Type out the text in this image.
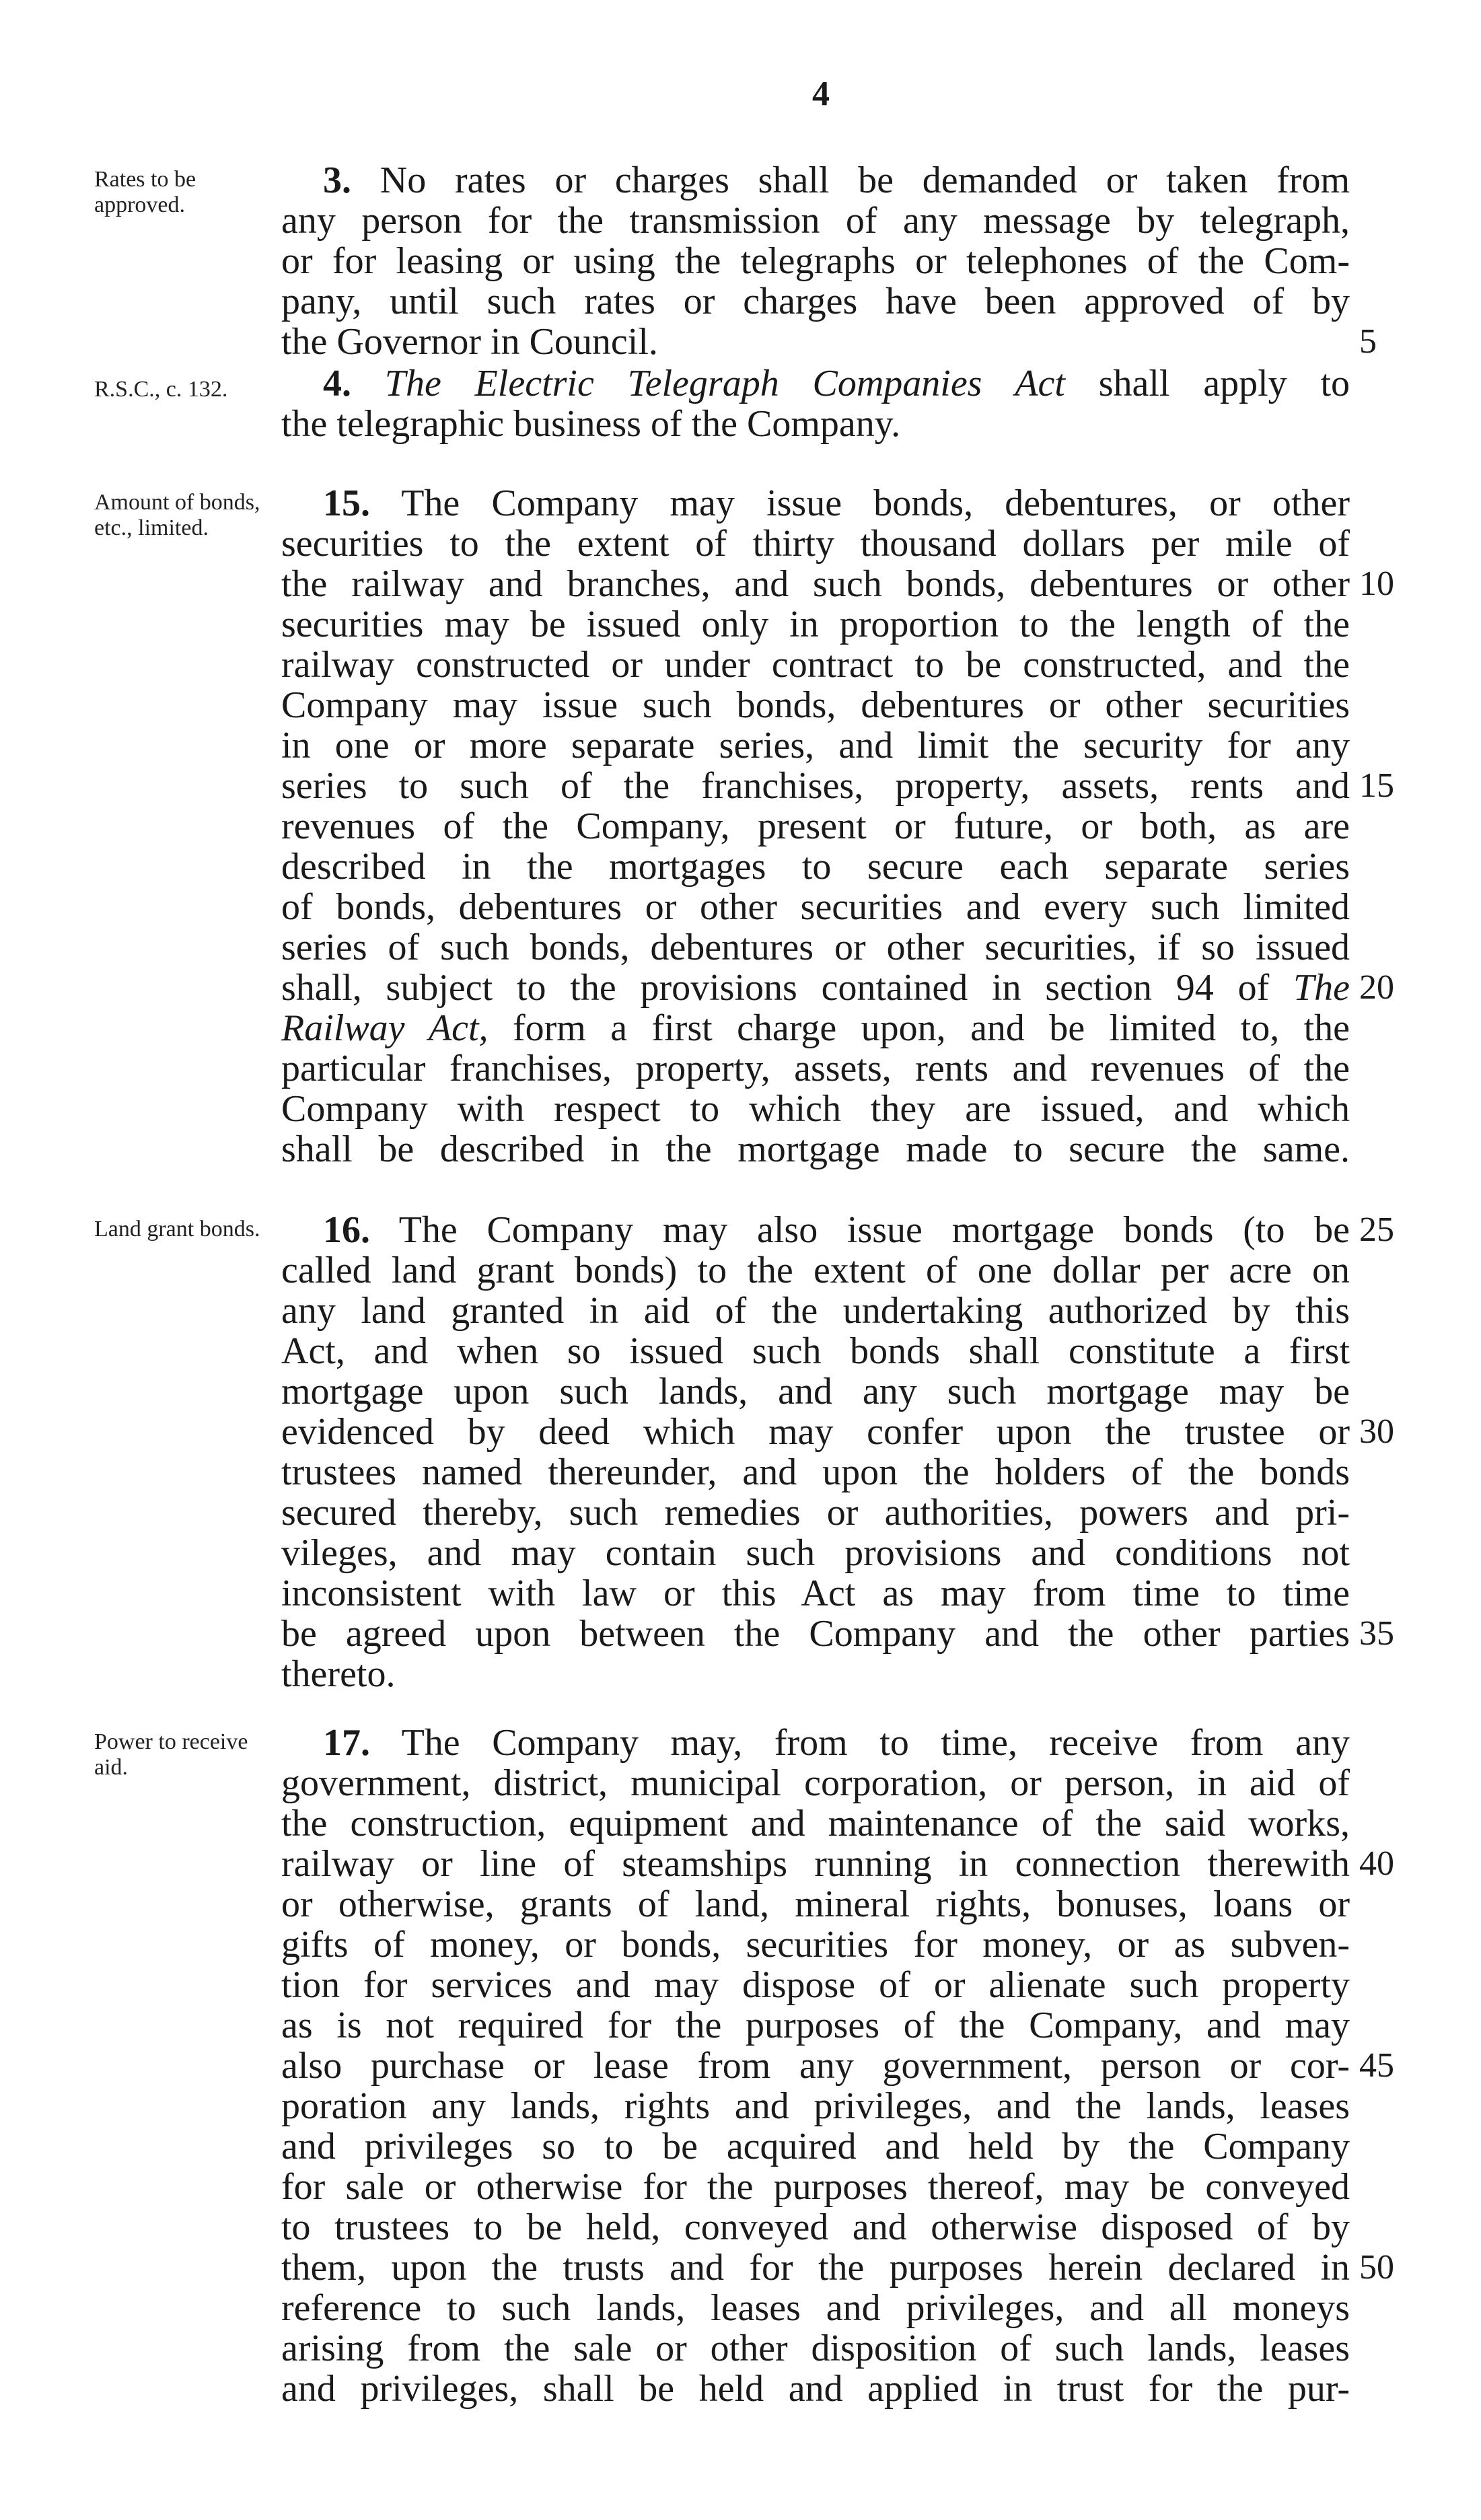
4
Rates to be approved.
R.S.C., c. 132.
Amount of bonds, etc., limited.
Land grant bonds.
Power to receive aid.
3. No rates or charges shall be demanded or taken from
any person for the transmission of any message by telegraph,
or for leasing or using the telegraphs or telephones of the Com-
pany, until such rates or charges have been approved of by
the Governor in Council.
4. The Electric Telegraph Companies Act shall apply to
the telegraphic business of the Company.
15. The Company may issue bonds, debentures, or other
securities to the extent of thirty thousand dollars per mile of
the railway and branches, and such bonds, debentures or other
securities may be issued only in proportion to the length of the
railway constructed or under contract to be constructed, and the
Company may issue such bonds, debentures or other securities
in one or more separate series, and limit the security for any
series to such of the franchises, property, assets, rents and
revenues of the Company, present or future, or both, as are
described in the mortgages to secure each separate series
of bonds, debentures or other securities and every such limited
series of such bonds, debentures or other securities, if so issued
shall, subject to the provisions contained in section 94 of The
Railway Act, form a first charge upon, and be limited to, the
particular franchises, property, assets, rents and revenues of the
Company with respect to which they are issued, and which
shall be described in the mortgage made to secure the same.
16. The Company may also issue mortgage bonds (to be
called land grant bonds) to the extent of one dollar per acre on
any land granted in aid of the undertaking authorized by this
Act, and when so issued such bonds shall constitute a first
mortgage upon such lands, and any such mortgage may be
evidenced by deed which may confer upon the trustee or
trustees named thereunder, and upon the holders of the bonds
secured thereby, such remedies or authorities, powers and pri-
vileges, and may contain such provisions and conditions not
inconsistent with law or this Act as may from time to time
be agreed upon between the Company and the other parties
thereto.
17. The Company may, from to time, receive from any
government, district, municipal corporation, or person, in aid of
the construction, equipment and maintenance of the said works,
railway or line of steamships running in connection therewith
or otherwise, grants of land, mineral rights, bonuses, loans or
gifts of money, or bonds, securities for money, or as subven-
tion for services and may dispose of or alienate such property
as is not required for the purposes of the Company, and may
also purchase or lease from any government, person or cor-
poration any lands, rights and privileges, and the lands, leases
and privileges so to be acquired and held by the Company
for sale or otherwise for the purposes thereof, may be conveyed
to trustees to be held, conveyed and otherwise disposed of by
them, upon the trusts and for the purposes herein declared in
reference to such lands, leases and privileges, and all moneys
arising from the sale or other disposition of such lands, leases
and privileges, shall be held and applied in trust for the pur-
5
10
15
20
25
30
35
40
45
50
